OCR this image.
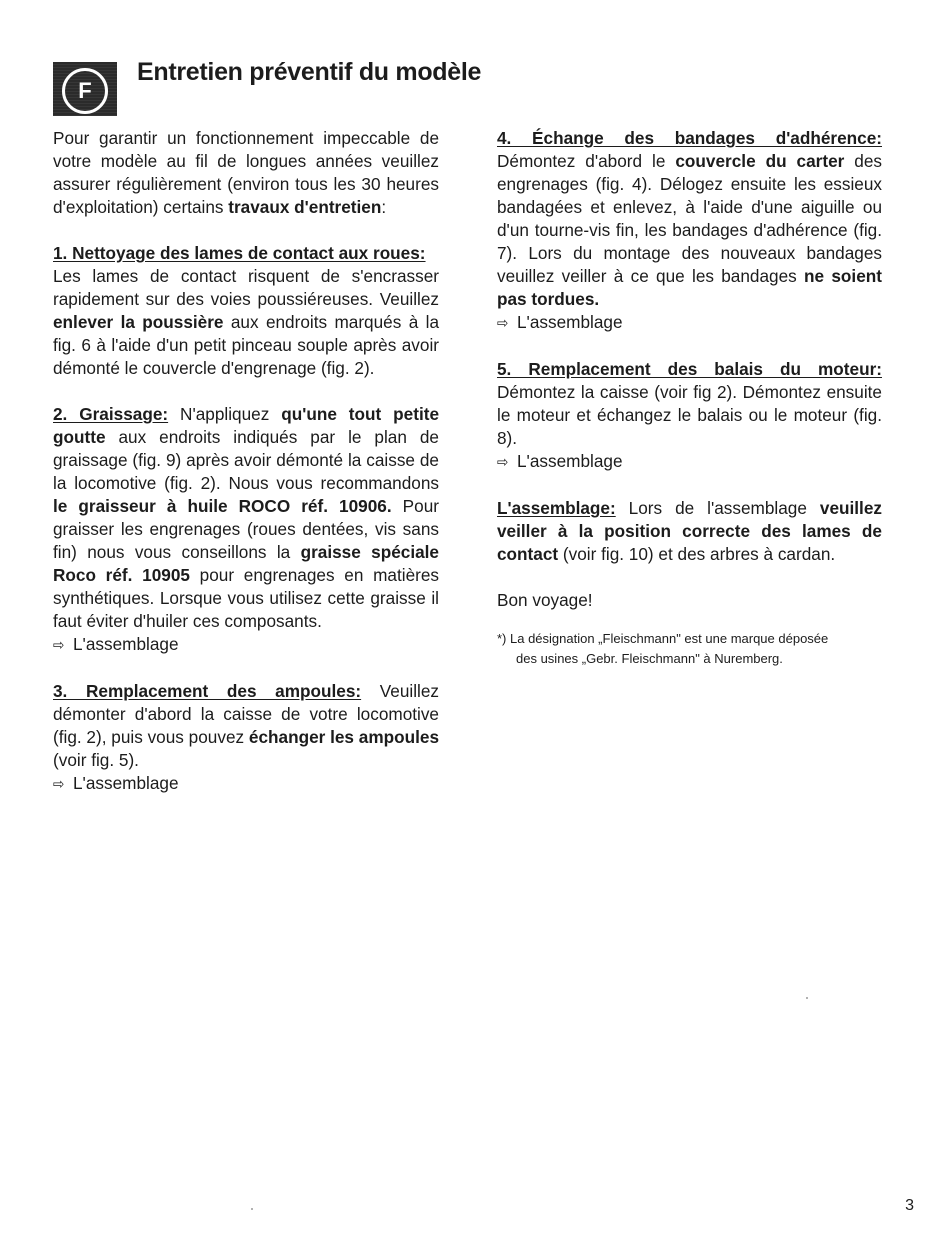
F
Entretien préventif du modèle

Pour garantir un fonctionnement impeccable de votre modèle au fil de longues années veuillez assurer régulièrement (environ tous les 30 heures d'exploitation) certains travaux d'entretien:

1. Nettoyage des lames de contact aux roues:
Les lames de contact risquent de s'encrasser rapidement sur des voies poussiéreuses. Veuillez enlever la poussière aux endroits marqués à la fig. 6 à l'aide d'un petit pinceau souple après avoir démonté le couvercle d'engrenage (fig. 2).

2. Graissage: N'appliquez qu'une tout petite goutte aux endroits indiqués par le plan de graissage (fig. 9) après avoir démonté la caisse de la locomotive (fig. 2). Nous vous recommandons le graisseur à huile ROCO réf. 10906. Pour graisser les engrenages (roues dentées, vis sans fin) nous vous conseillons la graisse spéciale Roco réf. 10905 pour engrenages en matières synthétiques. Lorsque vous utilisez cette graisse il faut éviter d'huiler ces composants.
⇨ L'assemblage

3. Remplacement des ampoules: Veuillez démonter d'abord la caisse de votre locomotive (fig. 2), puis vous pouvez échanger les ampoules (voir fig. 5).
⇨ L'assemblage

4. Échange des bandages d'adhérence: Démontez d'abord le couvercle du carter des engrenages (fig. 4). Délogez ensuite les essieux bandagées et enlevez, à l'aide d'une aiguille ou d'un tourne-vis fin, les bandages d'adhérence (fig. 7). Lors du montage des nouveaux bandages veuillez veiller à ce que les bandages ne soient pas tordues.
⇨ L'assemblage

5. Remplacement des balais du moteur: Démontez la caisse (voir fig 2). Démontez ensuite le moteur et échangez le balais ou le moteur (fig. 8).
⇨ L'assemblage

L'assemblage: Lors de l'assemblage veuillez veiller à la position correcte des lames de contact (voir fig. 10) et des arbres à cardan.

Bon voyage!

*) La désignation „Fleischmann" est une marque déposée
des usines „Gebr. Fleischmann" à Nuremberg.
3
